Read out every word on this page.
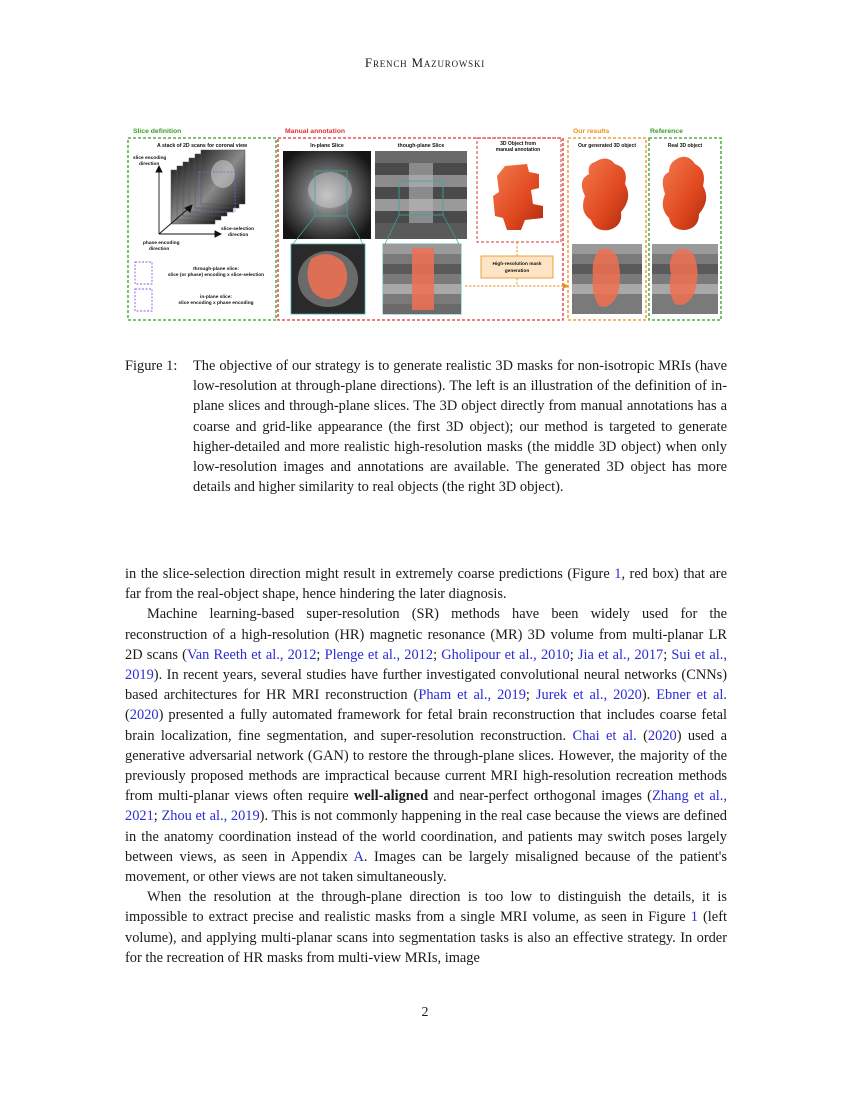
French Mazurowski
Slice definition	Manual annotation	Our results	Reference
A stack of 2D scans for coronal view
slice encoding
direction
slice-selection
direction
phase encoding
direction
through-plane slice:
slice (or phase) encoding x slice-selection
in-plane slice:
slice encoding x phase encoding
In-plane Slice	though-plane Slice	3D Object from
manual annotation
High-resolution mask
generation
Our generated 3D object	Real 3D object
Figure 1:	The objective of our strategy is to generate realistic 3D masks for non-isotropic MRIs (have low-resolution at through-plane directions). The left is an illustration of the definition of in-plane slices and through-plane slices. The 3D object directly from manual annotations has a coarse and grid-like appearance (the first 3D object); our method is targeted to generate higher-detailed and more realistic high-resolution masks (the middle 3D object) when only low-resolution images and annotations are available. The generated 3D object has more details and higher similarity to real objects (the right 3D object).

in the slice-selection direction might result in extremely coarse predictions (Figure 1, red box) that are far from the real-object shape, hence hindering the later diagnosis.

Machine learning-based super-resolution (SR) methods have been widely used for the reconstruction of a high-resolution (HR) magnetic resonance (MR) 3D volume from multi-planar LR 2D scans (Van Reeth et al., 2012; Plenge et al., 2012; Gholipour et al., 2010; Jia et al., 2017; Sui et al., 2019). In recent years, several studies have further investigated convolutional neural networks (CNNs) based architectures for HR MRI reconstruction (Pham et al., 2019; Jurek et al., 2020). Ebner et al. (2020) presented a fully automated framework for fetal brain reconstruction that includes coarse fetal brain localization, fine segmentation, and super-resolution reconstruction. Chai et al. (2020) used a generative adversarial network (GAN) to restore the through-plane slices. However, the majority of the previously proposed methods are impractical because current MRI high-resolution recreation methods from multi-planar views often require well-aligned and near-perfect orthogonal images (Zhang et al., 2021; Zhou et al., 2019). This is not commonly happening in the real case because the views are defined in the anatomy coordination instead of the world coordination, and patients may switch poses largely between views, as seen in Appendix A. Images can be largely misaligned because of the patient's movement, or other views are not taken simultaneously.

When the resolution at the through-plane direction is too low to distinguish the details, it is impossible to extract precise and realistic masks from a single MRI volume, as seen in Figure 1 (left volume), and applying multi-planar scans into segmentation tasks is also an effective strategy. In order for the recreation of HR masks from multi-view MRIs, image

2
